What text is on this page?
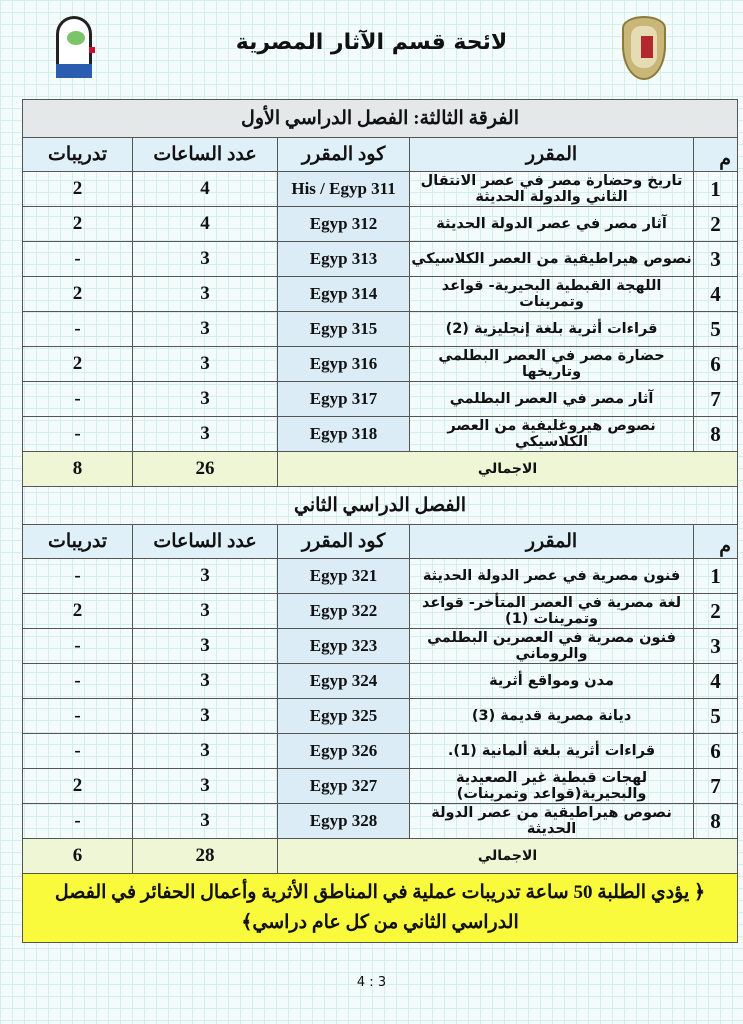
لائحة قسم الآثار المصرية
الفرقة الثالثة: الفصل الدراسي الأول				
م	المقرر	كود المقرر	عدد الساعات	تدريبات
1	تاريخ وحضارة مصر في عصر الانتقال الثاني والدولة الحديثة	His / Egyp 311	4	2
2	آثار مصر في عصر الدولة الحديثة	Egyp 312	4	2
3	نصوص هيراطيقية من العصر الكلاسيكي	Egyp 313	3	-
4	اللهجة القبطية البحيرية- قواعد وتمرينات	Egyp 314	3	2
5	قراءات أثرية بلغة إنجليزية (2)	Egyp 315	3	-
6	حضارة مصر في العصر البطلمي وتاريخها	Egyp 316	3	2
7	آثار مصر في العصر البطلمي	Egyp 317	3	-
8	نصوص هيروغليفية من العصر الكلاسيكي	Egyp 318	3	-
الاجمالي			26	8
الفصل الدراسي الثاني				
م	المقرر	كود المقرر	عدد الساعات	تدريبات
1	فنون مصرية في عصر الدولة الحديثة	Egyp 321	3	-
2	لغة مصرية في العصر المتأخر- قواعد وتمرينات (1)	Egyp 322	3	2
3	فنون مصرية في العصرين البطلمي والروماني	Egyp 323	3	-
4	مدن ومواقع أثرية	Egyp 324	3	-
5	ديانة مصرية قديمة (3)	Egyp 325	3	-
6	قراءات أثرية بلغة ألمانية (1).	Egyp 326	3	-
7	لهجات قبطية غير الصعيدية والبحيرية(قواعد وتمرينات)	Egyp 327	3	2
8	نصوص هيراطيقية من عصر الدولة الحديثة	Egyp 328	3	-
الاجمالي			28	6
﴿ يؤدي الطلبة 50 ساعة تدريبات عملية في المناطق الأثرية وأعمال الحفائر في الفصل الدراسي الثاني من كل عام دراسي﴾				
4 : 3
